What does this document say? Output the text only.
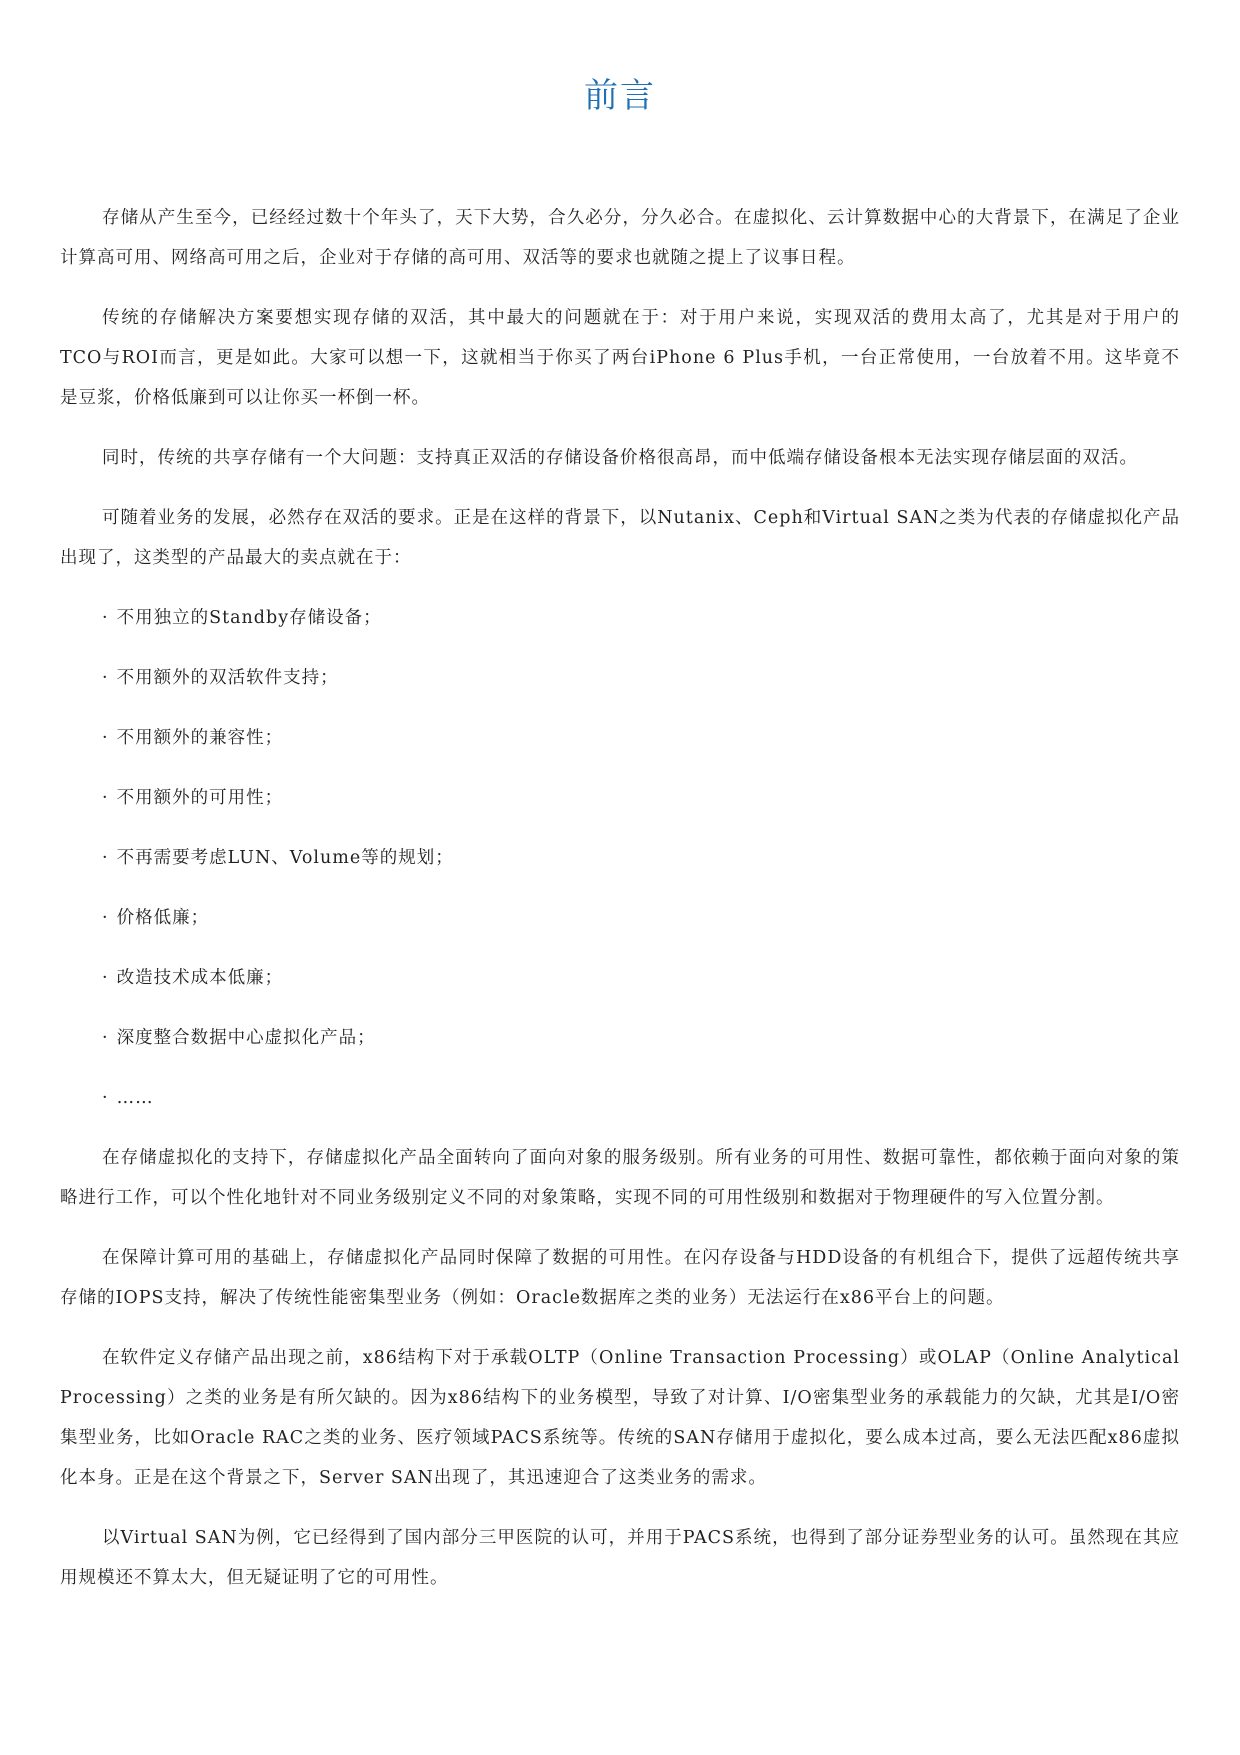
前言

存储从产生至今，已经经过数十个年头了，天下大势，合久必分，分久必合。在虚拟化、云计算数据中心的大背景下，在满足了企业计算高可用、网络高可用之后，企业对于存储的高可用、双活等的要求也就随之提上了议事日程。

传统的存储解决方案要想实现存储的双活，其中最大的问题就在于：对于用户来说，实现双活的费用太高了，尤其是对于用户的TCO与ROI而言，更是如此。大家可以想一下，这就相当于你买了两台iPhone 6 Plus手机，一台正常使用，一台放着不用。这毕竟不是豆浆，价格低廉到可以让你买一杯倒一杯。

同时，传统的共享存储有一个大问题：支持真正双活的存储设备价格很高昂，而中低端存储设备根本无法实现存储层面的双活。

可随着业务的发展，必然存在双活的要求。正是在这样的背景下，以Nutanix、Ceph和Virtual SAN之类为代表的存储虚拟化产品出现了，这类型的产品最大的卖点就在于：

· 不用独立的Standby存储设备；
· 不用额外的双活软件支持；
· 不用额外的兼容性；
· 不用额外的可用性；
· 不再需要考虑LUN、Volume等的规划；
· 价格低廉；
· 改造技术成本低廉；
· 深度整合数据中心虚拟化产品；
· ……

在存储虚拟化的支持下，存储虚拟化产品全面转向了面向对象的服务级别。所有业务的可用性、数据可靠性，都依赖于面向对象的策略进行工作，可以个性化地针对不同业务级别定义不同的对象策略，实现不同的可用性级别和数据对于物理硬件的写入位置分割。

在保障计算可用的基础上，存储虚拟化产品同时保障了数据的可用性。在闪存设备与HDD设备的有机组合下，提供了远超传统共享存储的IOPS支持，解决了传统性能密集型业务（例如：Oracle数据库之类的业务）无法运行在x86平台上的问题。

在软件定义存储产品出现之前，x86结构下对于承载OLTP（Online Transaction Processing）或OLAP（Online Analytical Processing）之类的业务是有所欠缺的。因为x86结构下的业务模型，导致了对计算、I/O密集型业务的承载能力的欠缺，尤其是I/O密集型业务，比如Oracle RAC之类的业务、医疗领域PACS系统等。传统的SAN存储用于虚拟化，要么成本过高，要么无法匹配x86虚拟化本身。正是在这个背景之下，Server SAN出现了，其迅速迎合了这类业务的需求。

以Virtual SAN为例，它已经得到了国内部分三甲医院的认可，并用于PACS系统，也得到了部分证券型业务的认可。虽然现在其应用规模还不算太大，但无疑证明了它的可用性。
